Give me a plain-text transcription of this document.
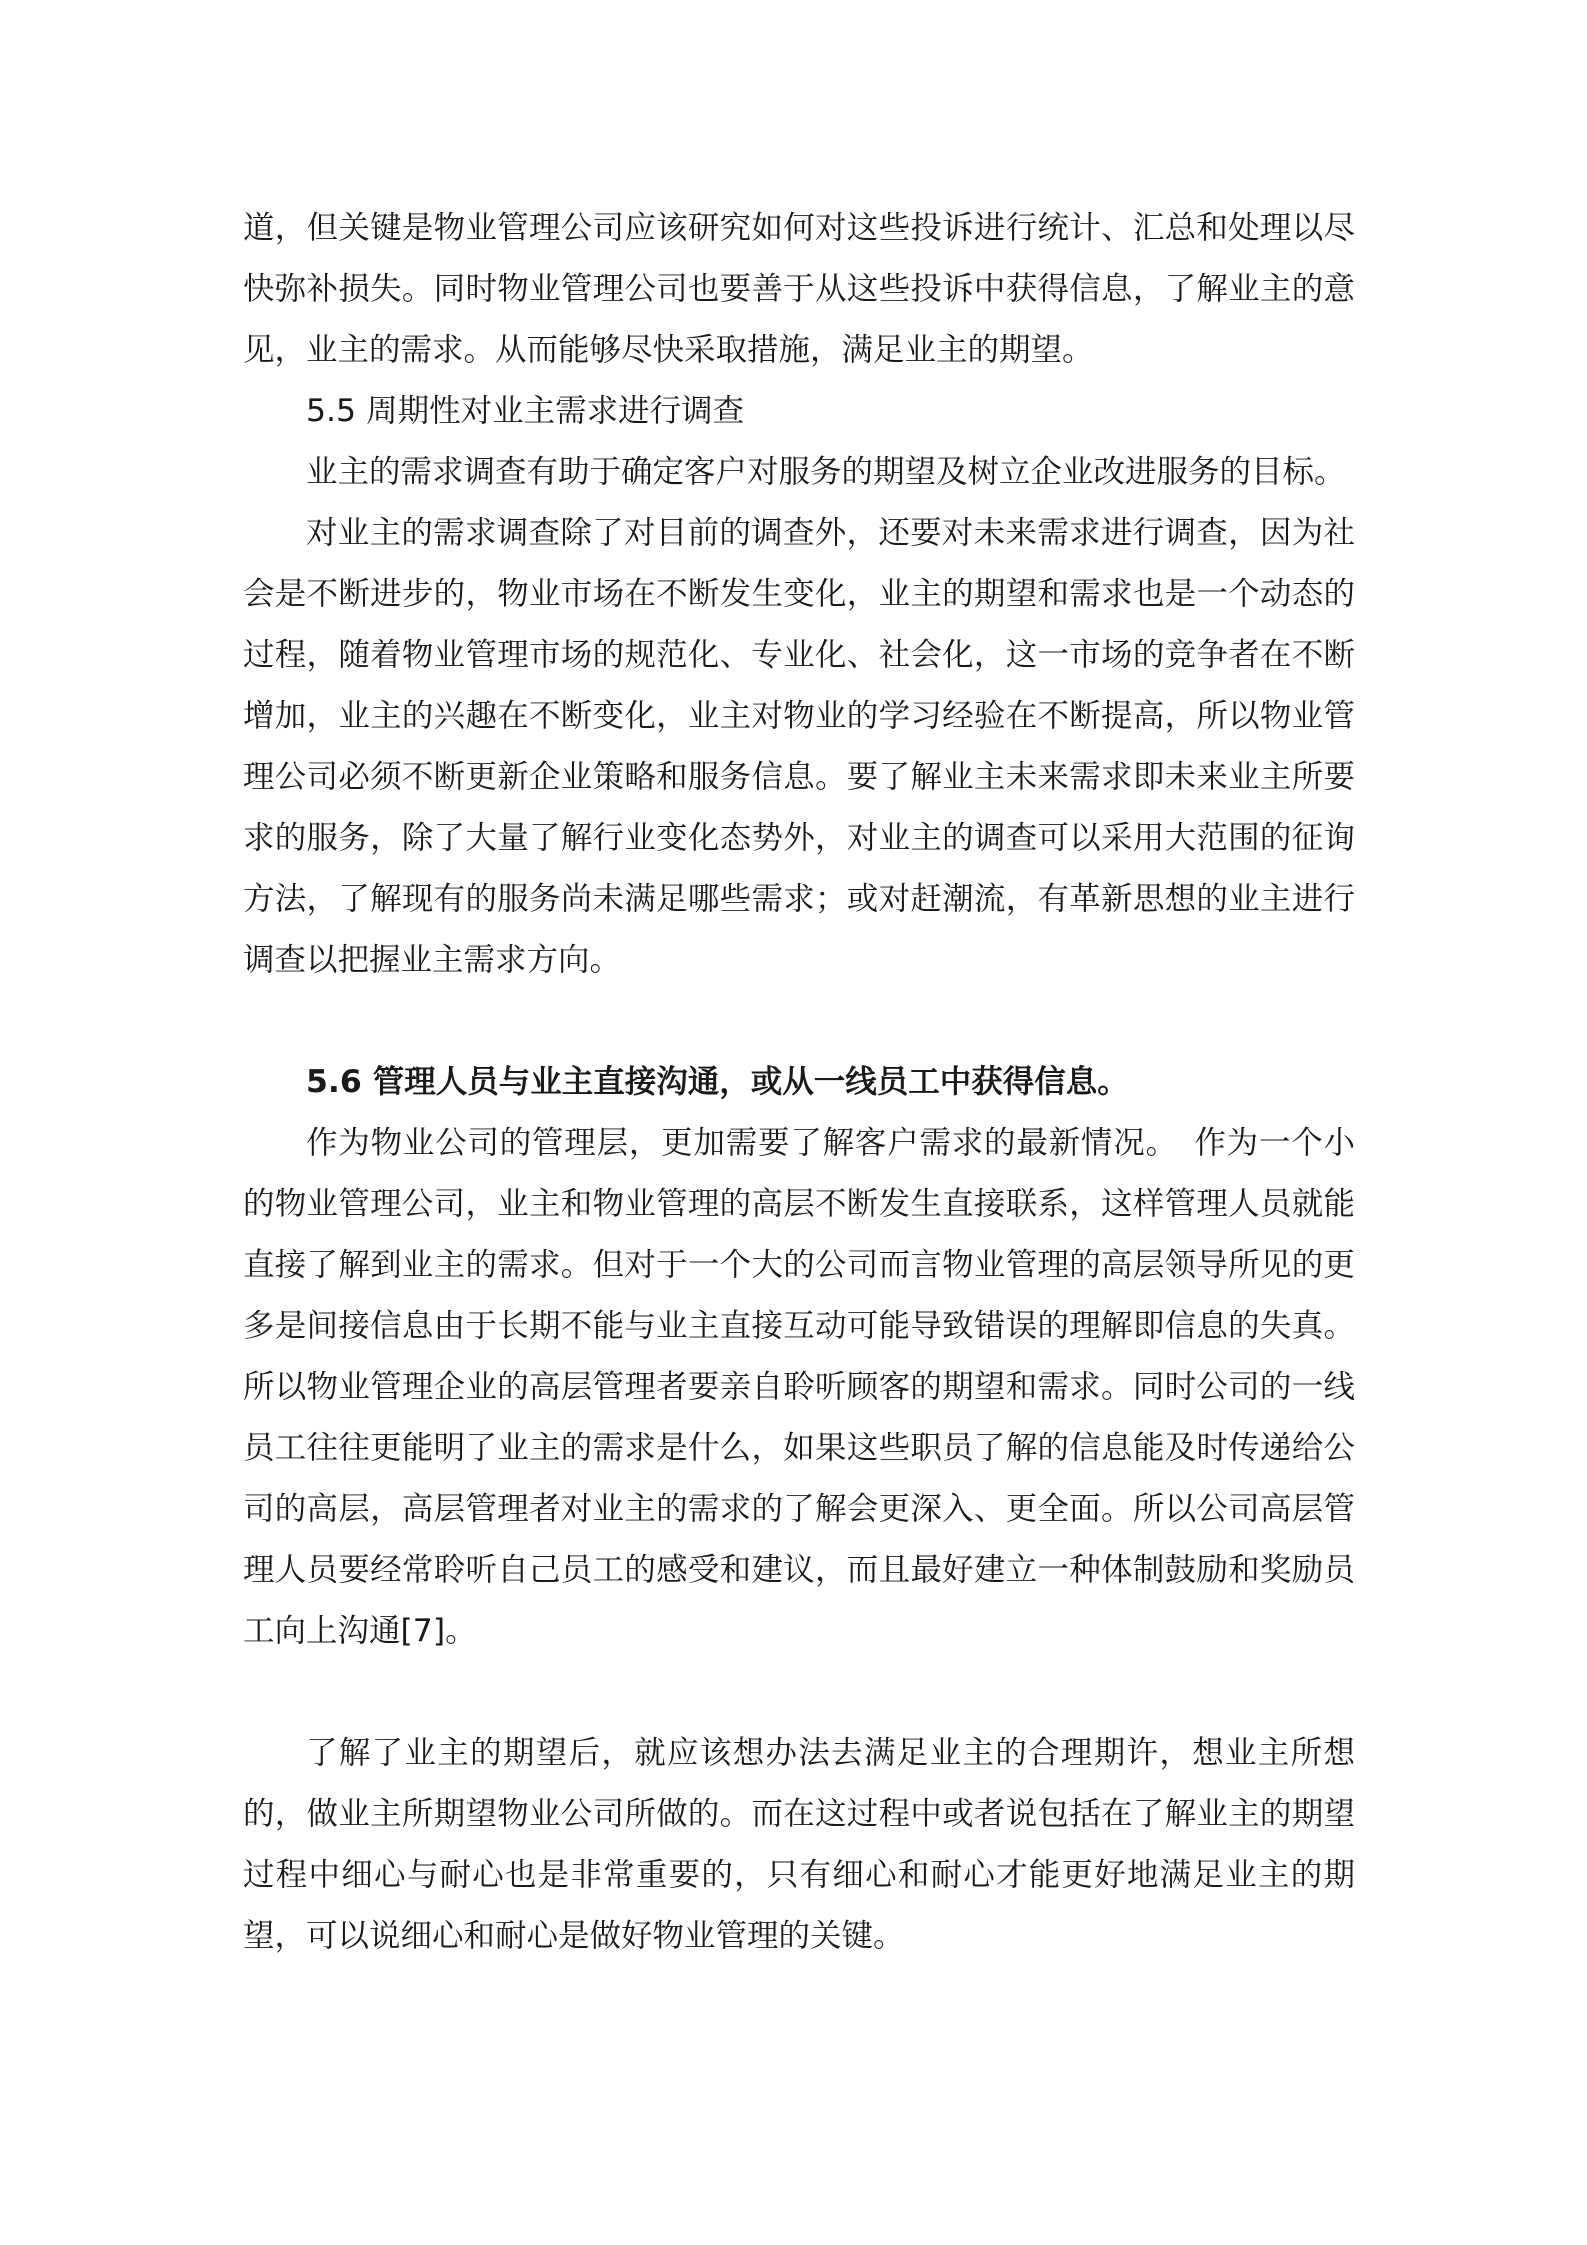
道，但关键是物业管理公司应该研究如何对这些投诉进行统计、汇总和处理以尽快弥补损失。同时物业管理公司也要善于从这些投诉中获得信息，了解业主的意见，业主的需求。从而能够尽快采取措施，满足业主的期望。

5.5 周期性对业主需求进行调查

业主的需求调查有助于确定客户对服务的期望及树立企业改进服务的目标。

对业主的需求调查除了对目前的调查外，还要对未来需求进行调查，因为社会是不断进步的，物业市场在不断发生变化，业主的期望和需求也是一个动态的过程，随着物业管理市场的规范化、专业化、社会化，这一市场的竞争者在不断增加，业主的兴趣在不断变化，业主对物业的学习经验在不断提高，所以物业管理公司必须不断更新企业策略和服务信息。要了解业主未来需求即未来业主所要求的服务，除了大量了解行业变化态势外，对业主的调查可以采用大范围的征询方法，了解现有的服务尚未满足哪些需求；或对赶潮流，有革新思想的业主进行调查以把握业主需求方向。

5.6 管理人员与业主直接沟通，或从一线员工中获得信息。

作为物业公司的管理层，更加需要了解客户需求的最新情况。　作为一个小的物业管理公司，业主和物业管理的高层不断发生直接联系，这样管理人员就能直接了解到业主的需求。但对于一个大的公司而言物业管理的高层领导所见的更多是间接信息由于长期不能与业主直接互动可能导致错误的理解即信息的失真。所以物业管理企业的高层管理者要亲自聆听顾客的期望和需求。同时公司的一线员工往往更能明了业主的需求是什么，如果这些职员了解的信息能及时传递给公司的高层，高层管理者对业主的需求的了解会更深入、更全面。所以公司高层管理人员要经常聆听自己员工的感受和建议，而且最好建立一种体制鼓励和奖励员工向上沟通[7]。

了解了业主的期望后，就应该想办法去满足业主的合理期许，想业主所想的，做业主所期望物业公司所做的。而在这过程中或者说包括在了解业主的期望过程中细心与耐心也是非常重要的，只有细心和耐心才能更好地满足业主的期望，可以说细心和耐心是做好物业管理的关键。
